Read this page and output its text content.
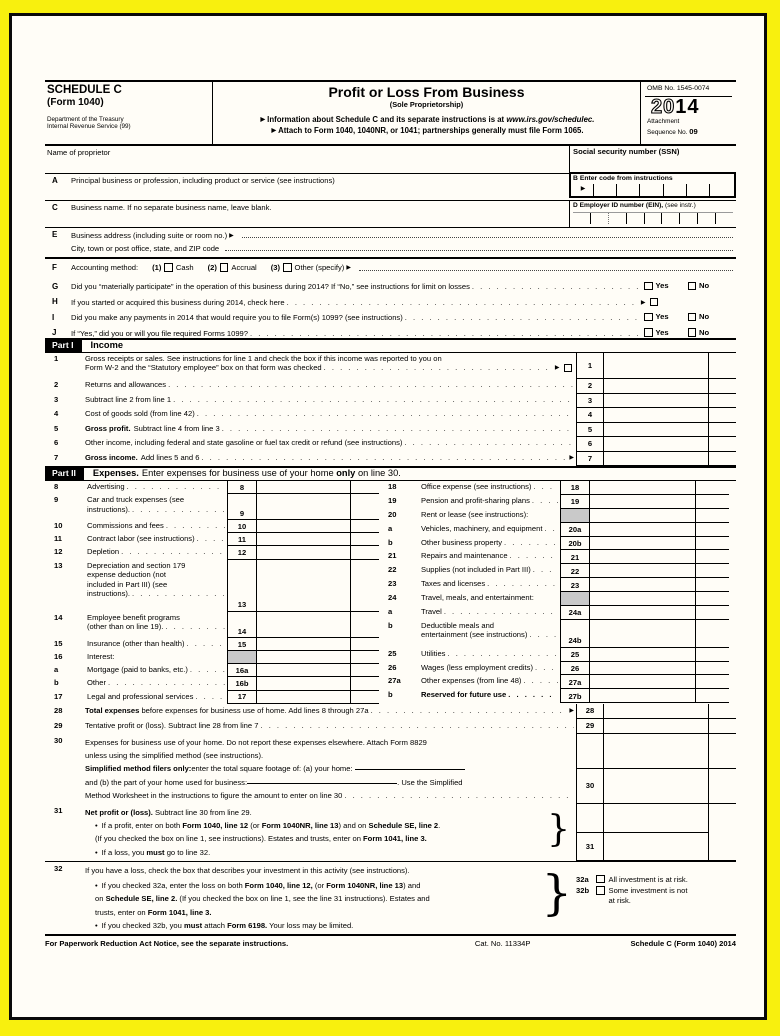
SCHEDULE C
(Form 1040)
Department of the Treasury
Internal Revenue Service (99)
Profit or Loss From Business
(Sole Proprietorship)
▶ Information about Schedule C and its separate instructions is at www.irs.gov/schedulec.
▶ Attach to Form 1040, 1040NR, or 1041; partnerships generally must file Form 1065.
OMB No. 1545-0074
2014
Attachment
Sequence No. 09
Name of proprietor	Social security number (SSN)
A	Principal business or profession, including product or service (see instructions)	B Enter code from instructions
▶
C	Business name. If no separate business name, leave blank.	D Employer ID number (EIN), (see instr.)
E	Business address (including suite or room no.)
▶
City, town or post office, state, and ZIP code
F	Accounting method: (1) Cash (2) Accrual (3) Other (specify)
▶
G	Did you “materially participate” in the operation of this business during 2014? If “No,” see instructions for limit on losses . .	Yes	No
H	If you started or acquired this business during 2014, check here
. .
▶
I	Did you make any payments in 2014 that would require you to file Form(s) 1099? (see instructions) . .	Yes	No
J	If “Yes,” did you or will you file required Forms 1099? . .	Yes	No
Part I	Income
1	Gross receipts or sales. See instructions for line 1 and check the box if this income was reported to you on
Form W-2 and the “Statutory employee” box on that form was checked . . ▶	1
2	Returns and allowances . .	2
3	Subtract line 2 from line 1 . .	3
4	Cost of goods sold (from line 42) . .	4
5	Gross profit. Subtract line 4 from line 3 . .	5
6	Other income, including federal and state gasoline or fuel tax credit or refund (see instructions) . .	6
7	Gross income. Add lines 5 and 6 . . ▶	7
Part II	Expenses. Enter expenses for business use of your home only on line 30.
8	Advertising . .	8
9	Car and truck expenses (see
instructions). . .	9
10	Commissions and fees . .	10
11	Contract labor (see instructions) . .	11
12	Depletion . .	12
13	Depreciation and section 179
expense deduction (not
included in Part III) (see
instructions).
. .
13
14	Employee benefit programs
(other than on line 19). . .	14
15	Insurance (other than health) . .	15
16	Interest:
a	Mortgage (paid to banks, etc.) . .	16a
b	Other . .	16b
17	Legal and professional services . .	17
18	Office expense (see instructions) . .	18
19	Pension and profit-sharing plans . .	19
20	Rent or lease (see instructions):
a	Vehicles, machinery, and equipment . .	20a
b	Other business property . .	20b
21	Repairs and maintenance . .	21
22	Supplies (not included in Part III) . .	22
23	Taxes and licenses . .	23
24	Travel, meals, and entertainment:
a	Travel . .	24a
b	Deductible meals and
entertainment (see instructions)
. .
24b
25	Utilities . .	25
26	Wages (less employment credits) . .	26
27a	Other expenses (from line 48) . .	27a
b	Reserved for future use . .	27b
28	Total expenses
before expenses for business use of home. Add lines 8 through 27a . . ▶	28
29	Tentative profit or (loss). Subtract line 28 from line 7 . .	29
30	Expenses for business use of your home. Do not report these expenses elsewhere. Attach Form 8829
unless using the simplified method (see instructions).
Simplified method filers only: enter the total square footage of: (a) your home:

and (b) the part of your home used for business:	. Use the Simplified
Method Worksheet in the instructions to figure the amount to enter on line 30
. .
30
31	Net profit or (loss). Subtract line 30 from line 29.
• If a profit, enter on both Form 1040, line 12 (or Form 1040NR, line 13) and on Schedule SE, line 2.
(If you checked the box on line 1, see instructions). Estates and trusts, enter on Form 1041, line 3.
• If a loss, you must go to line 32.
}	31
32	If you have a loss, check the box that describes your investment in this activity (see instructions).
• If you checked 32a, enter the loss on both Form 1040, line 12, (or Form 1040NR, line 13) and
on Schedule SE, line 2. (If you checked the box on line 1, see the line 31 instructions). Estates and
trusts, enter on Form 1041, line 3.
• If you checked 32b, you must attach Form 6198. Your loss may be limited.
} 32a	All investment is at risk.
32b	Some investment is not
at risk.
For Paperwork Reduction Act Notice, see the separate instructions.	Cat. No. 11334P	Schedule C (Form 1040) 2014
